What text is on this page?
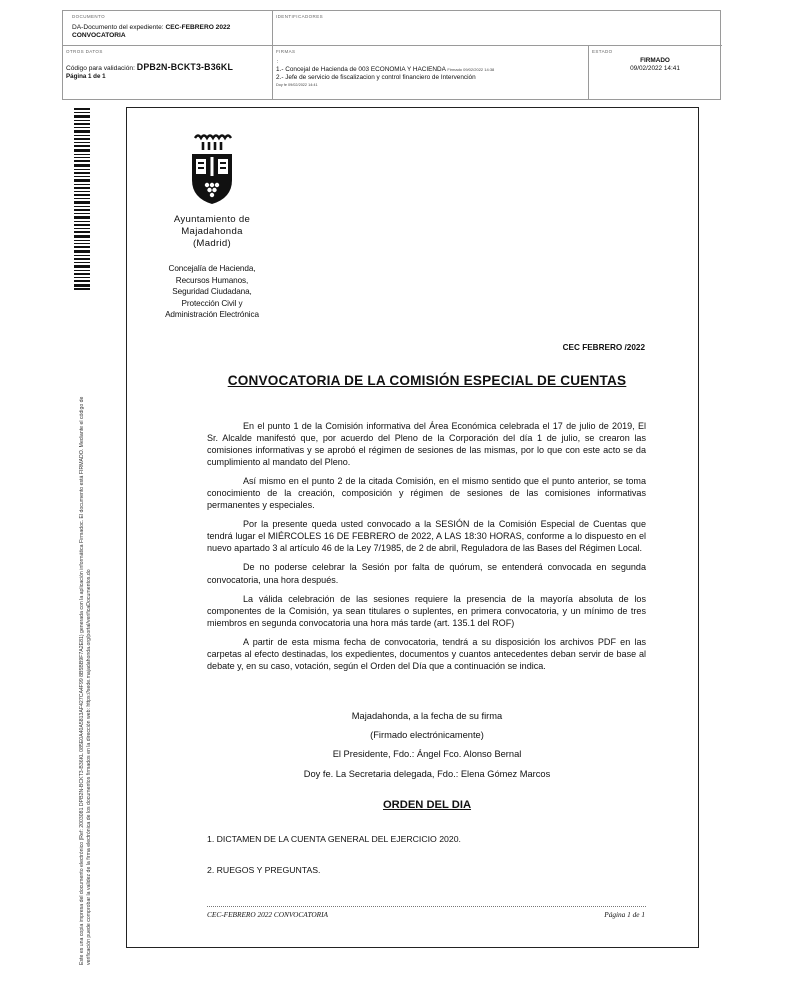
DOCUMENTO
DA-Documento del expediente: CEC-FEBRERO 2022
CONVOCATORIA
IDENTIFICADORES
OTROS DATOS
Código para validación: DPB2N-BCKT3-B36KL
Página 1 de 1
FIRMAS
:
1.- Concejal de Hacienda de 003 ECONOMIA Y HACIENDA Firmado 09/02/2022 14:38
2.- Jefe de servicio de fiscalizacion y control financiero de Intervención
Doy fe 09/02/2022 14:41
ESTADO
FIRMADO
09/02/2022 14:41
Este es una copia impresa del documento electrónico (Ref: 2003081 DPB2N-BCKT3-B36KL 085E0A40A5813AF427CA4F99 8B5BB9F7A2E81) generada con la aplicación informática Firmadoc. El documento está FIRMADO. Mediante el código de verificación puede comprobar la validez de la firma electrónica de los documentos firmados en la dirección web: https://sede.majadahonda.org/portal/verificaDocumentos.do
Ayuntamiento de
Majadahonda
(Madrid)
Concejalía de Hacienda,
Recursos Humanos,
Seguridad Ciudadana,
Protección Civil y
Administración Electrónica
CEC FEBRERO /2022
CONVOCATORIA DE LA COMISIÓN ESPECIAL DE CUENTAS

En el punto 1 de la Comisión informativa del Área Económica celebrada el 17 de julio de 2019, El Sr. Alcalde manifestó que, por acuerdo del Pleno de la Corporación del día 1 de julio, se crearon las comisiones informativas y se aprobó el régimen de sesiones de las mismas, por lo que con este acto se da cumplimiento al mandato del Pleno.

Así mismo en el punto 2 de la citada Comisión, en el mismo sentido que el punto anterior, se toma conocimiento de la creación, composición y régimen de sesiones de las comisiones informativas permanentes y especiales.

Por la presente queda usted convocado a la SESIÓN de la Comisión Especial de Cuentas que tendrá lugar el MIÉRCOLES 16 DE FEBRERO de 2022, A LAS 18:30 HORAS, conforme a lo dispuesto en el nuevo apartado 3 al artículo 46 de la Ley 7/1985, de 2 de abril, Reguladora de las Bases del Régimen Local.

De no poderse celebrar la Sesión por falta de quórum, se entenderá convocada en segunda convocatoria, una hora después.

La válida celebración de las sesiones requiere la presencia de la mayoría absoluta de los componentes de la Comisión, ya sean titulares o suplentes, en primera convocatoria, y un mínimo de tres miembros en segunda convocatoria una hora más tarde (art. 135.1 del ROF)

A partir de esta misma fecha de convocatoria, tendrá a su disposición los archivos PDF en las carpetas al efecto destinadas, los expedientes, documentos y cuantos antecedentes deban servir de base al debate y, en su caso, votación, según el Orden del Día que a continuación se indica.

Majadahonda, a la fecha de su firma
(Firmado electrónicamente)
El Presidente, Fdo.: Ángel Fco. Alonso Bernal
Doy fe. La Secretaria delegada, Fdo.: Elena Gómez Marcos
ORDEN DEL DIA
1. DICTAMEN DE LA CUENTA GENERAL DEL EJERCICIO 2020.
2. RUEGOS Y PREGUNTAS.
CEC-FEBRERO 2022 CONVOCATORIA	Página 1 de 1
